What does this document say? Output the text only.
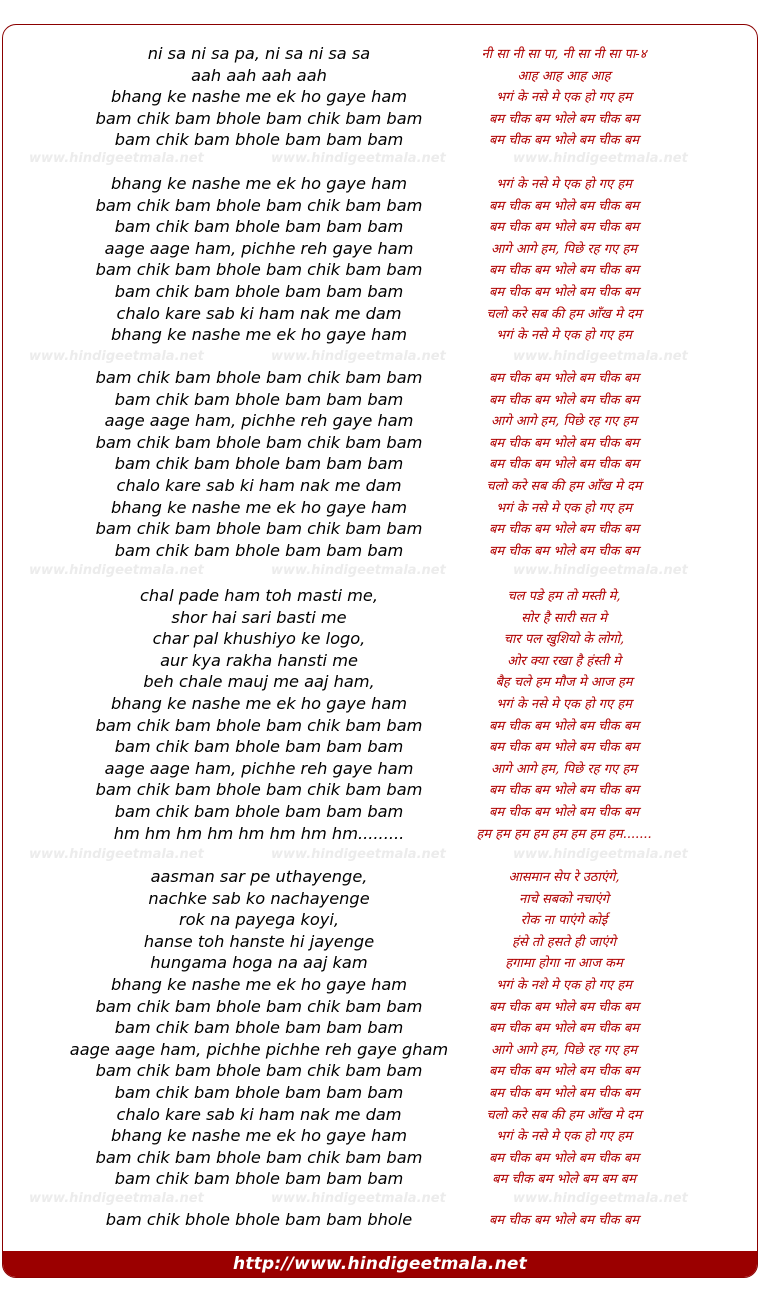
ni sa ni sa pa, ni sa ni sa sa	नी सा नी सा पा, नी सा नी सा पा-४
aah aah aah aah	आह आह आह आह
bhang ke nashe me ek ho gaye ham	भगं के नसे मे एक हो गए हम
bam chik bam bhole bam chik bam bam	बम चीक बम भोले बम चीक बम
bam chik bam bhole bam bam bam	बम चीक बम भोले बम चीक बम
bhang ke nashe me ek ho gaye ham	भगं के नसे मे एक हो गए हम
bam chik bam bhole bam chik bam bam	बम चीक बम भोले बम चीक बम
bam chik bam bhole bam bam bam	बम चीक बम भोले बम चीक बम
aage aage ham, pichhe reh gaye ham	आगे आगे हम, पिछे रह गए हम
bam chik bam bhole bam chik bam bam	बम चीक बम भोले बम चीक बम
bam chik bam bhole bam bam bam	बम चीक बम भोले बम चीक बम
chalo kare sab ki ham nak me dam	चलो करे सब की हम आँख मे दम
bhang ke nashe me ek ho gaye ham	भगं के नसे मे एक हो गए हम
bam chik bam bhole bam chik bam bam	बम चीक बम भोले बम चीक बम
bam chik bam bhole bam bam bam	बम चीक बम भोले बम चीक बम
aage aage ham, pichhe reh gaye ham	आगे आगे हम, पिछे रह गए हम
bam chik bam bhole bam chik bam bam	बम चीक बम भोले बम चीक बम
bam chik bam bhole bam bam bam	बम चीक बम भोले बम चीक बम
chalo kare sab ki ham nak me dam	चलो करे सब की हम आँख मे दम
bhang ke nashe me ek ho gaye ham	भगं के नसे मे एक हो गए हम
bam chik bam bhole bam chik bam bam	बम चीक बम भोले बम चीक बम
bam chik bam bhole bam bam bam	बम चीक बम भोले बम चीक बम
chal pade ham toh masti me,	चल पडे हम तो मस्ती मे,
shor hai sari basti me	सोर है सारी सत मे
char pal khushiyo ke logo,	चार पल खुशियो के लोगो,
aur kya rakha hansti me	ओर क्या रखा है हंस्ती मे
beh chale mauj me aaj ham,	बैह चले हम मौज मे आज हम
bhang ke nashe me ek ho gaye ham	भगं के नसे मे एक हो गए हम
bam chik bam bhole bam chik bam bam	बम चीक बम भोले बम चीक बम
bam chik bam bhole bam bam bam	बम चीक बम भोले बम चीक बम
aage aage ham, pichhe reh gaye ham	आगे आगे हम, पिछे रह गए हम
bam chik bam bhole bam chik bam bam	बम चीक बम भोले बम चीक बम
bam chik bam bhole bam bam bam	बम चीक बम भोले बम चीक बम
hm hm hm hm hm hm hm hm.........	हम हम हम हम हम हम हम हम.......
aasman sar pe uthayenge,	आसमान सेप रे उठाएंगे,
nachke sab ko nachayenge	नाचे सबको नचाएंगे
rok na payega koyi,	रोक ना पाएंगे कोई
hanse toh hanste hi jayenge	हंसे तो हसते ही जाएंगे
hungama hoga na aaj kam	हगामा होगा ना आज कम
bhang ke nashe me ek ho gaye ham	भगं के नशे मे एक हो गए हम
bam chik bam bhole bam chik bam bam	बम चीक बम भोले बम चीक बम
bam chik bam bhole bam bam bam	बम चीक बम भोले बम चीक बम
aage aage ham, pichhe pichhe reh gaye gham	आगे आगे हम, पिछे रह गए हम
bam chik bam bhole bam chik bam bam	बम चीक बम भोले बम चीक बम
bam chik bam bhole bam bam bam	बम चीक बम भोले बम चीक बम
chalo kare sab ki ham nak me dam	चलो करे सब की हम आँख मे दम
bhang ke nashe me ek ho gaye ham	भगं के नसे मे एक हो गए हम
bam chik bam bhole bam chik bam bam	बम चीक बम भोले बम चीक बम
bam chik bam bhole bam bam bam	बम चीक बम भोले बम बम बम
bam chik bhole bhole bam bam bhole	बम चीक बम भोले बम चीक बम
www.hindigeetmala.net	www.hindigeetmala.net	www.hindigeetmala.net
www.hindigeetmala.net	www.hindigeetmala.net	www.hindigeetmala.net
www.hindigeetmala.net	www.hindigeetmala.net	www.hindigeetmala.net
www.hindigeetmala.net	www.hindigeetmala.net	www.hindigeetmala.net
www.hindigeetmala.net	www.hindigeetmala.net	www.hindigeetmala.net
http://www.hindigeetmala.net
